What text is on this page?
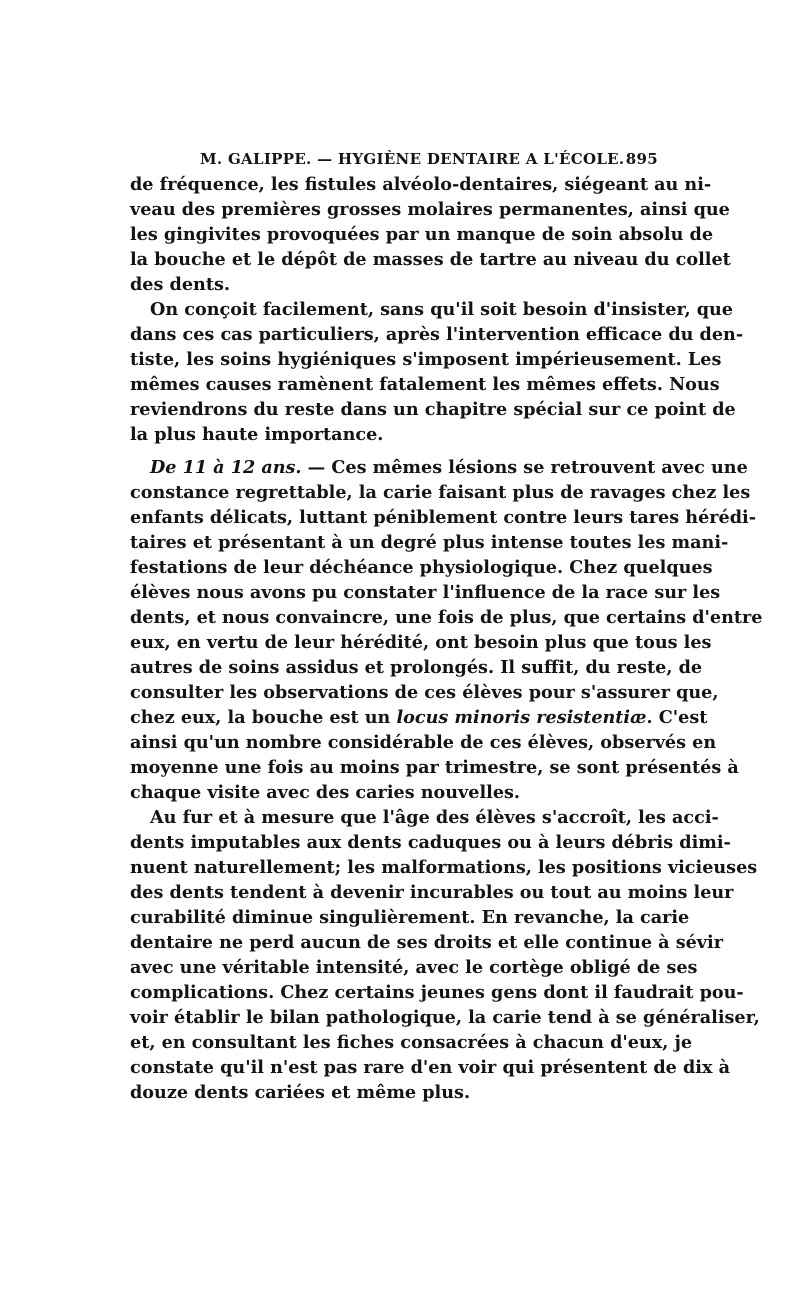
M. GALIPPE. — HYGIÈNE DENTAIRE A L'ÉCOLE. 895
de fréquence, les fistules alvéolo-dentaires, siégeant au ni-
veau des premières grosses molaires permanentes, ainsi que
les gingivites provoquées par un manque de soin absolu de
la bouche et le dépôt de masses de tartre au niveau du collet
des dents.
On conçoit facilement, sans qu'il soit besoin d'insister, que
dans ces cas particuliers, après l'intervention efficace du den-
tiste, les soins hygiéniques s'imposent impérieusement. Les
mêmes causes ramènent fatalement les mêmes effets. Nous
reviendrons du reste dans un chapitre spécial sur ce point de
la plus haute importance.
De 11 à 12 ans. — Ces mêmes lésions se retrouvent avec une
constance regrettable, la carie faisant plus de ravages chez les
enfants délicats, luttant péniblement contre leurs tares hérédi-
taires et présentant à un degré plus intense toutes les mani-
festations de leur déchéance physiologique. Chez quelques
élèves nous avons pu constater l'influence de la race sur les
dents, et nous convaincre, une fois de plus, que certains d'entre
eux, en vertu de leur hérédité, ont besoin plus que tous les
autres de soins assidus et prolongés. Il suffit, du reste, de
consulter les observations de ces élèves pour s'assurer que,
chez eux, la bouche est un locus minoris resistentiæ. C'est
ainsi qu'un nombre considérable de ces élèves, observés en
moyenne une fois au moins par trimestre, se sont présentés à
chaque visite avec des caries nouvelles.
Au fur et à mesure que l'âge des élèves s'accroît, les acci-
dents imputables aux dents caduques ou à leurs débris dimi-
nuent naturellement; les malformations, les positions vicieuses
des dents tendent à devenir incurables ou tout au moins leur
curabilité diminue singulièrement. En revanche, la carie
dentaire ne perd aucun de ses droits et elle continue à sévir
avec une véritable intensité, avec le cortège obligé de ses
complications. Chez certains jeunes gens dont il faudrait pou-
voir établir le bilan pathologique, la carie tend à se généraliser,
et, en consultant les fiches consacrées à chacun d'eux, je
constate qu'il n'est pas rare d'en voir qui présentent de dix à
douze dents cariées et même plus.
